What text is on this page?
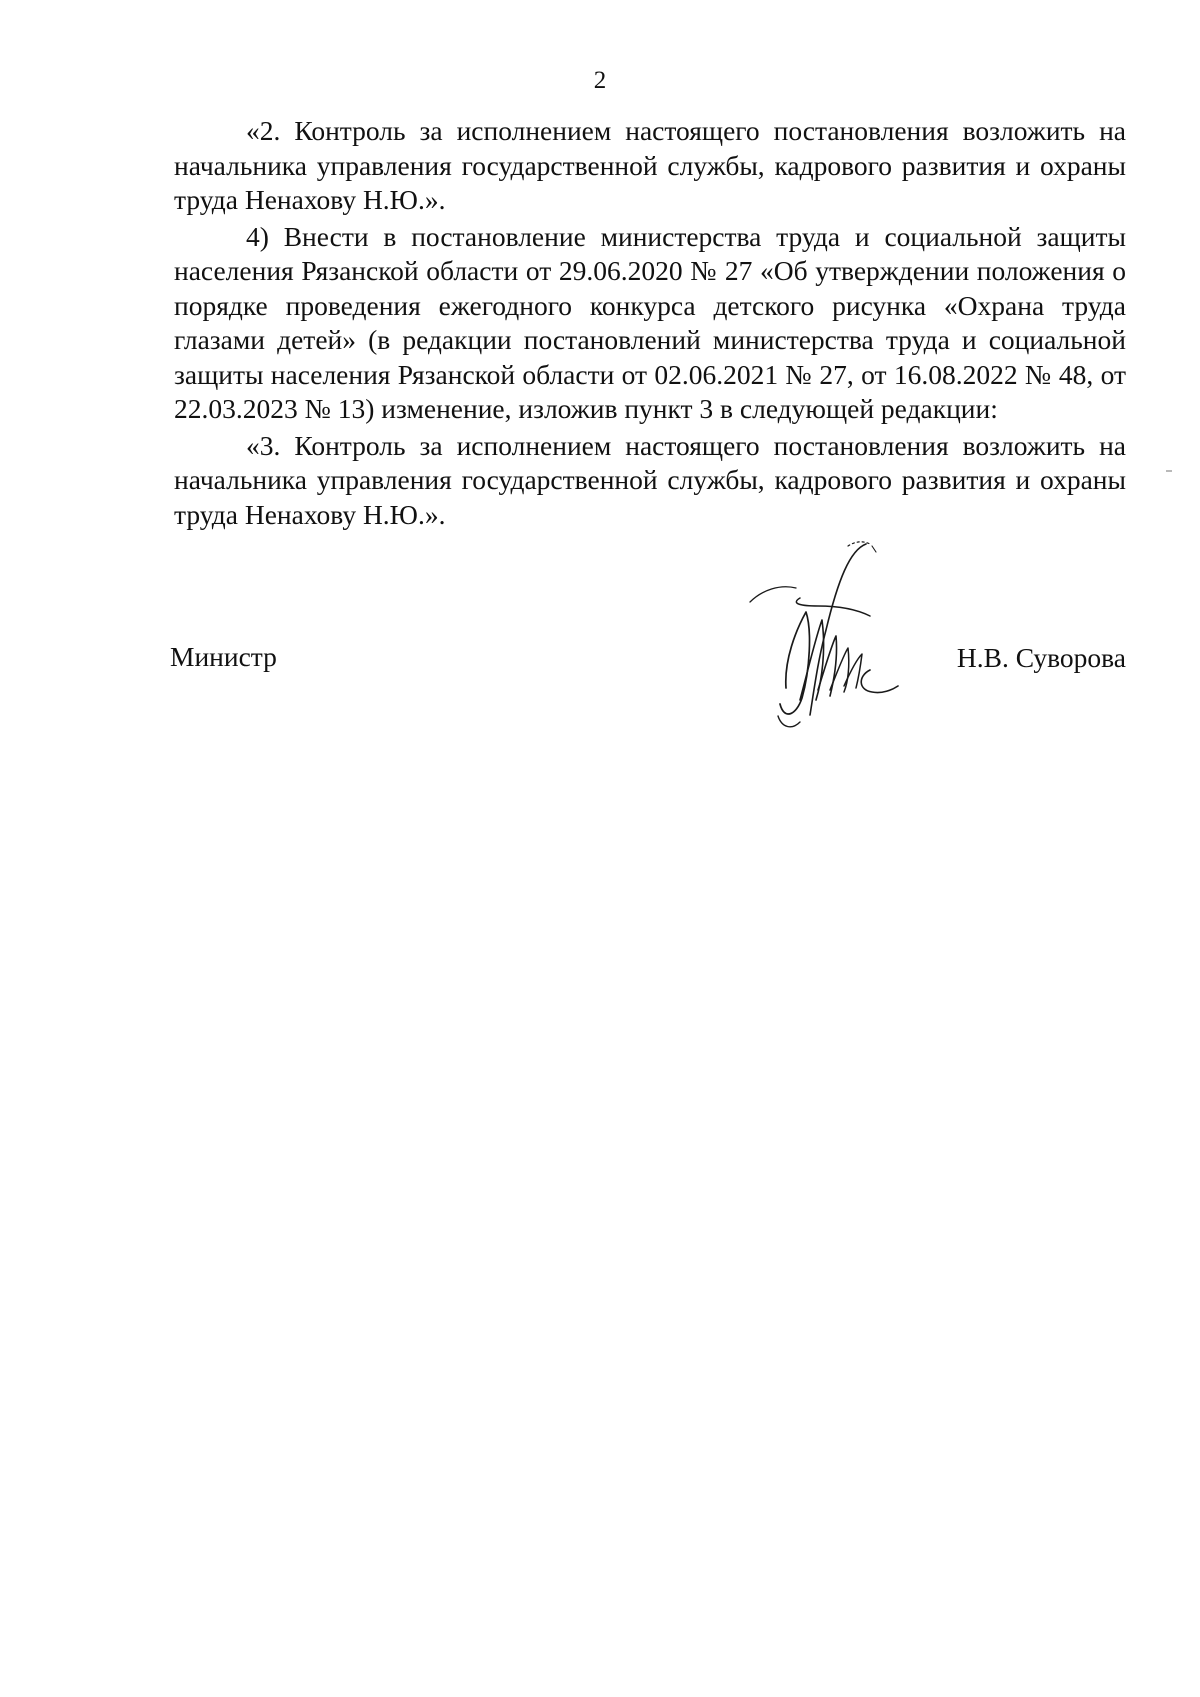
2

«2. Контроль за исполнением настоящего постановления возложить на начальника управления государственной службы, кадрового развития и охраны труда Ненахову Н.Ю.».

4) Внести в постановление министерства труда и социальной защиты населения Рязанской области от 29.06.2020 № 27 «Об утверждении положения о порядке проведения ежегодного конкурса детского рисунка «Охрана труда глазами детей» (в редакции постановлений министерства труда и социальной защиты населения Рязанской области от 02.06.2021 № 27, от 16.08.2022 № 48, от 22.03.2023 № 13) изменение, изложив пункт 3 в следующей редакции:

«3. Контроль за исполнением настоящего постановления возложить на начальника управления государственной службы, кадрового развития и охраны труда Ненахову Н.Ю.».

Министр	Н.В. Суворова
